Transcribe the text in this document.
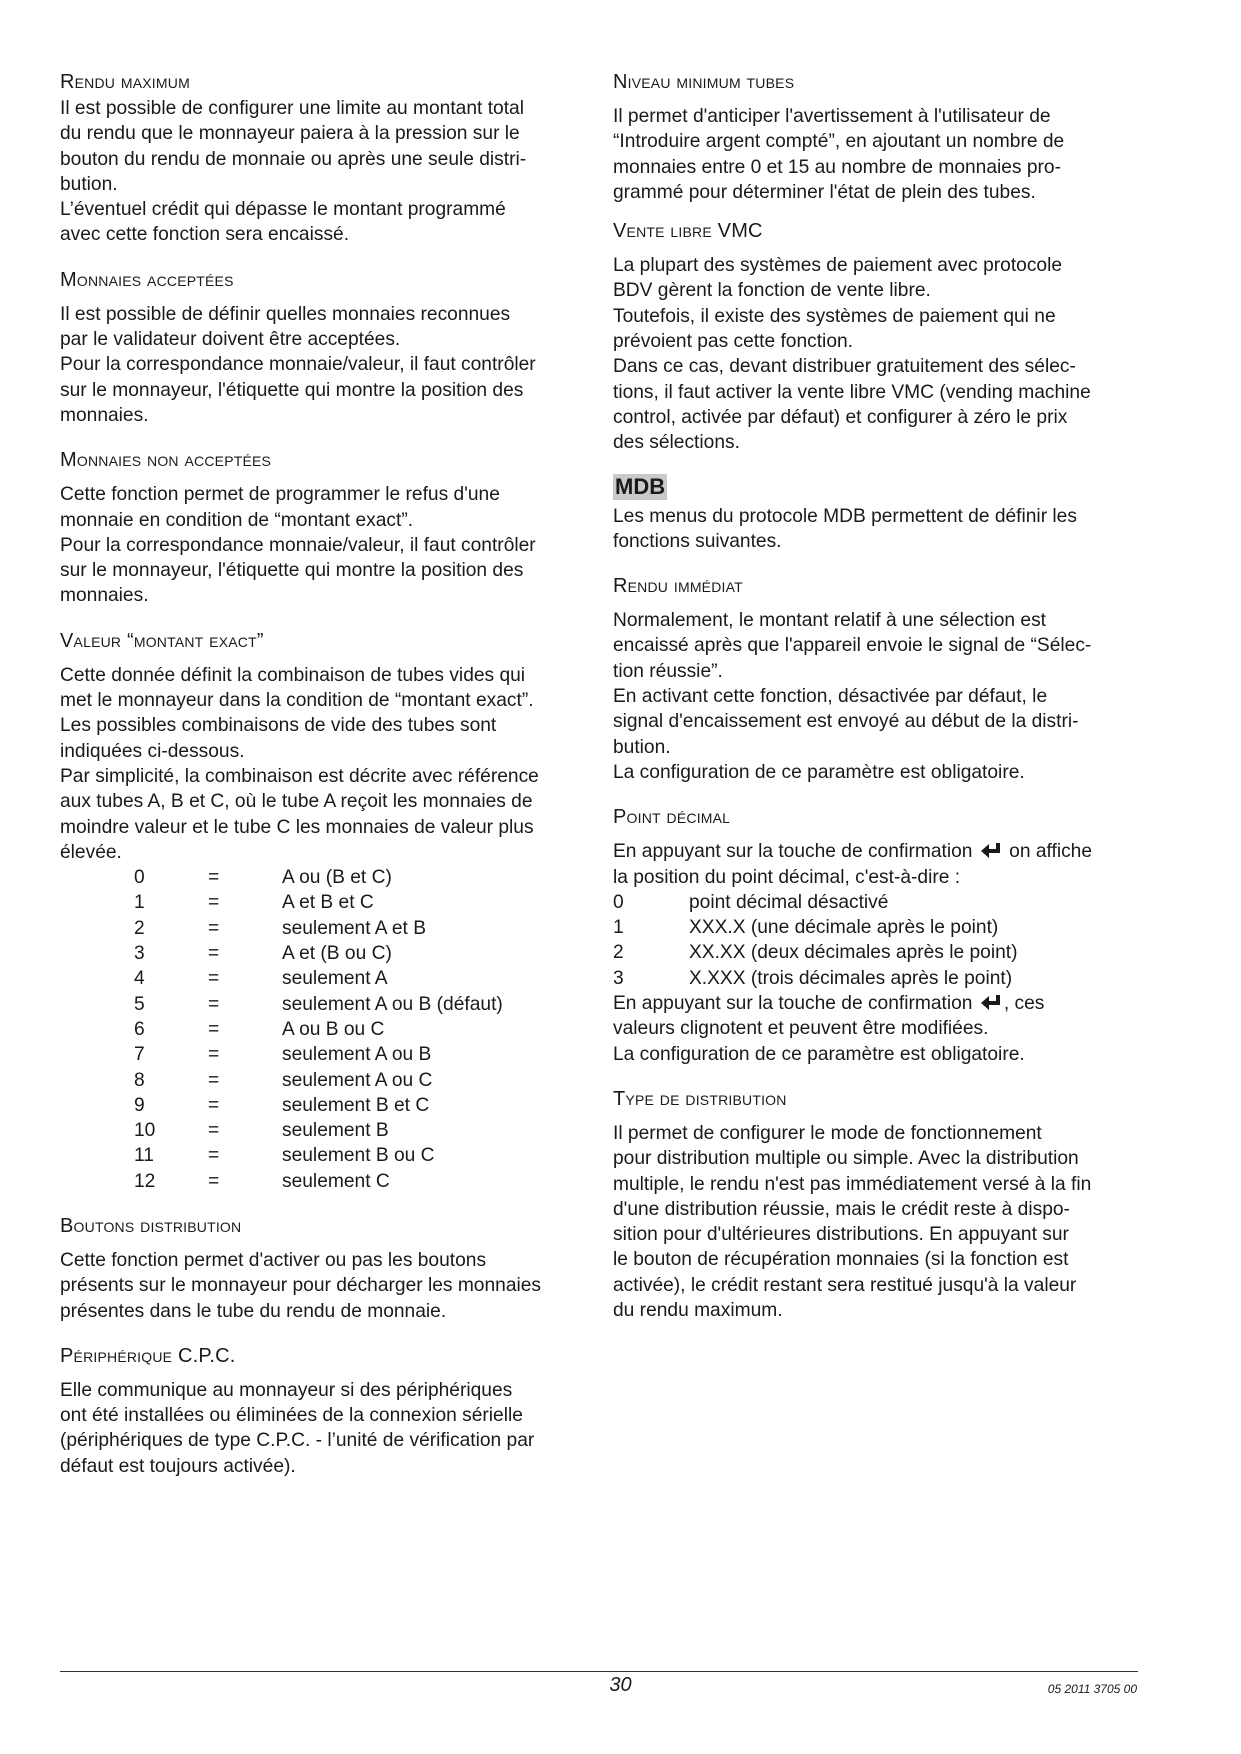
Rendu maximum

Il est possible de configurer une limite au montant total
du rendu que le monnayeur paiera à la pression sur le
bouton du rendu de monnaie ou après une seule distri-
bution.
L’éventuel crédit qui dépasse le montant programmé
avec cette fonction sera encaissé.

Monnaies acceptées

Il est possible de définir quelles monnaies reconnues
par le validateur doivent être acceptées.
Pour la correspondance monnaie/valeur, il faut contrôler
sur le monnayeur, l'étiquette qui montre la position des
monnaies.

Monnaies non acceptées

Cette fonction permet de programmer le refus d'une
monnaie en condition de “montant exact”.
Pour la correspondance monnaie/valeur, il faut contrôler
sur le monnayeur, l'étiquette qui montre la position des
monnaies.

Valeur “montant exact”

Cette donnée définit la combinaison de tubes vides qui
met le monnayeur dans la condition de “montant exact”.
Les possibles combinaisons de vide des tubes sont
indiquées ci-dessous.
Par simplicité, la combinaison est décrite avec référence
aux tubes A, B et C, où le tube A reçoit les monnaies de
moindre valeur et le tube C les monnaies de valeur plus
élevée.

0	=	A ou (B et C)
1	=	A et B et C
2	=	seulement A et B
3	=	A et (B ou C)
4	=	seulement A
5	=	seulement A ou B (défaut)
6	=	A ou B ou C
7	=	seulement A ou B
8	=	seulement A ou C
9	=	seulement B et C
10	=	seulement B
11	=	seulement B ou C
12	=	seulement C
Boutons distribution

Cette fonction permet d'activer ou pas les boutons
présents sur le monnayeur pour décharger les monnaies
présentes dans le tube du rendu de monnaie.

Périphérique C.P.C.

Elle communique au monnayeur si des périphériques
ont été installées ou éliminées de la connexion sérielle
(périphériques de type C.P.C. - l’unité de vérification par
défaut est toujours activée).

Niveau minimum tubes

Il permet d'anticiper l'avertissement à l'utilisateur de
“Introduire argent compté”, en ajoutant un nombre de
monnaies entre 0 et 15 au nombre de monnaies pro-
grammé pour déterminer l'état de plein des tubes.

Vente libre VMC

La plupart des systèmes de paiement avec protocole
BDV gèrent la fonction de vente libre.
Toutefois, il existe des systèmes de paiement qui ne
prévoient pas cette fonction.
Dans ce cas, devant distribuer gratuitement des sélec-
tions, il faut activer la vente libre VMC (vending machine
control, activée par défaut) et configurer à zéro le prix
des sélections.

MDB

Les menus du protocole MDB permettent de définir les
fonctions suivantes.

Rendu immédiat

Normalement, le montant relatif à une sélection est
encaissé après que l'appareil envoie le signal de “Sélec-
tion réussie”.
En activant cette fonction, désactivée par défaut, le
signal d'encaissement est envoyé au début de la distri-
bution.
La configuration de ce paramètre est obligatoire.

Point décimal

En appuyant sur la touche de confirmation on affiche
la position du point décimal, c'est-à-dire :

0	point décimal désactivé
1	XXX.X (une décimale après le point)
2	XX.XX (deux décimales après le point)
3	X.XXX (trois décimales après le point)

En appuyant sur la touche de confirmation , ces
valeurs clignotent et peuvent être modifiées.
La configuration de ce paramètre est obligatoire.

Type de distribution

Il permet de configurer le mode de fonctionnement
pour distribution multiple ou simple. Avec la distribution
multiple, le rendu n'est pas immédiatement versé à la fin
d'une distribution réussie, mais le crédit reste à dispo-
sition pour d'ultérieures distributions. En appuyant sur
le bouton de récupération monnaies (si la fonction est
activée), le crédit restant sera restitué jusqu'à la valeur
du rendu maximum.

30	05 2011 3705 00
